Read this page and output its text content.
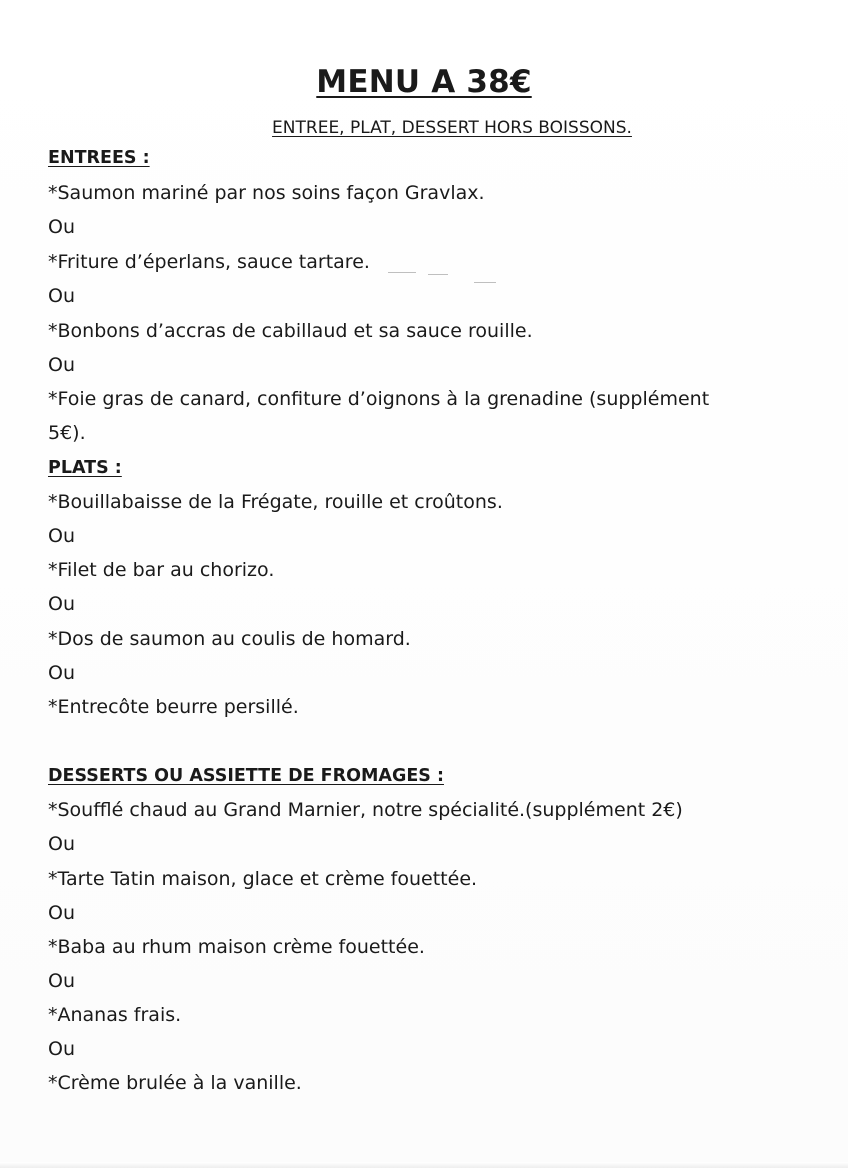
MENU A 38€
ENTREE, PLAT, DESSERT HORS BOISSONS.
ENTREES :
*Saumon mariné par nos soins façon Gravlax.
Ou
*Friture d’éperlans, sauce tartare.
Ou
*Bonbons d’accras de cabillaud et sa sauce rouille.
Ou
*Foie gras de canard, confiture d’oignons à la grenadine (supplément
5€).
PLATS :
*Bouillabaisse de la Frégate, rouille et croûtons.
Ou
*Filet de bar au chorizo.
Ou
*Dos de saumon au coulis de homard.
Ou
*Entrecôte beurre persillé.
DESSERTS OU ASSIETTE DE FROMAGES :
*Soufflé chaud au Grand Marnier, notre spécialité.(supplément 2€)
Ou
*Tarte Tatin maison, glace et crème fouettée.
Ou
*Baba au rhum maison crème fouettée.
Ou
*Ananas frais.
Ou
*Crème brulée à la vanille.
